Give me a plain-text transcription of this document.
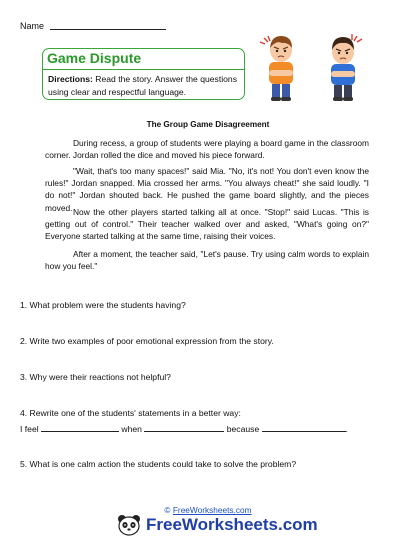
Name
Game Dispute
Directions: Read the story. Answer the questions using clear and respectful language.
The Group Game Disagreement
During recess, a group of students were playing a board game in the classroom corner. Jordan rolled the dice and moved his piece forward.
"Wait, that's too many spaces!" said Mia. "No, it's not! You don't even know the rules!" Jordan snapped. Mia crossed her arms. "You always cheat!" she said loudly. "I do not!" Jordan shouted back. He pushed the game board slightly, and the pieces moved. Now the other players started talking all at once. "Stop!" said Lucas. "This is getting out of control." Their teacher walked over and asked, "What's going on?" Everyone started talking at the same time, raising their voices.
After a moment, the teacher said, "Let's pause. Try using calm words to explain how you feel."
1. What problem were the students having?
2. Write two examples of poor emotional expression from the story.
3. Why were their reactions not helpful?
4. Rewrite one of the students' statements in a better way:
I feel	when	because	.
5. What is one calm action the students could take to solve the problem?
© FreeWorksheets.com
FreeWorksheets.com
